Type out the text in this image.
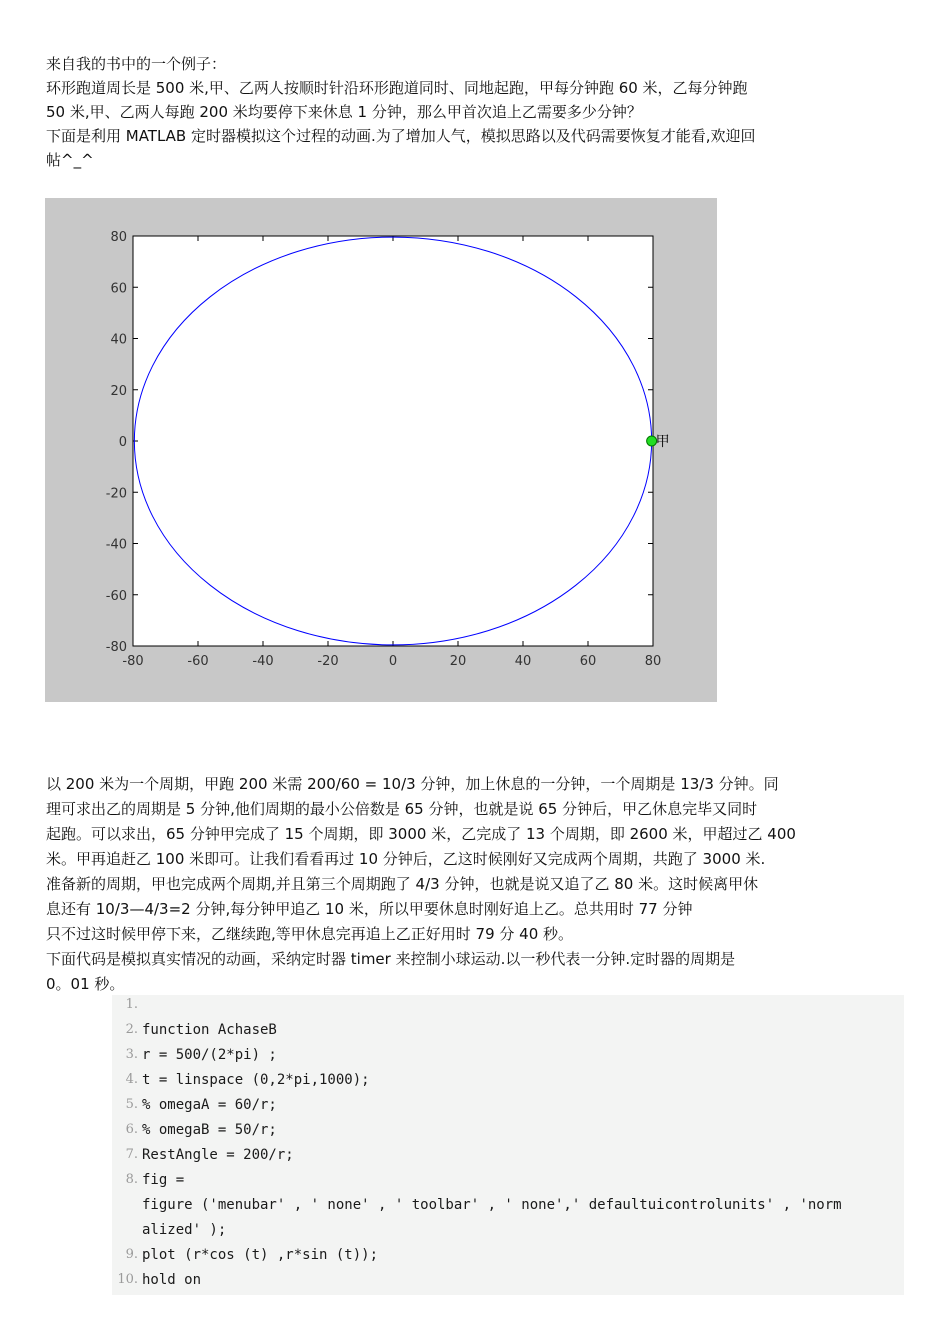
来自我的书中的一个例子：
环形跑道周长是 500 米,甲、乙两人按顺时针沿环形跑道同时、同地起跑，甲每分钟跑 60 米，乙每分钟跑
50 米,甲、乙两人每跑 200 米均要停下来休息 1 分钟，那么甲首次追上乙需要多少分钟？
下面是利用 MATLAB 定时器模拟这个过程的动画.为了增加人气，模拟思路以及代码需要恢复才能看,欢迎回
帖^_^
-80	-60	-40	-20	0	20	40	60	80
80
60
40
20
0
-20
-40
-60
-80
甲
以 200 米为一个周期，甲跑 200 米需 200/60 = 10/3 分钟，加上休息的一分钟，一个周期是 13/3 分钟。同
理可求出乙的周期是 5 分钟,他们周期的最小公倍数是 65 分钟，也就是说 65 分钟后，甲乙休息完毕又同时
起跑。可以求出，65 分钟甲完成了 15 个周期，即 3000 米，乙完成了 13 个周期，即 2600 米，甲超过乙 400
米。甲再追赶乙 100 米即可。让我们看看再过 10 分钟后，乙这时候刚好又完成两个周期，共跑了 3000 米.
准备新的周期，甲也完成两个周期,并且第三个周期跑了 4/3 分钟，也就是说又追了乙 80 米。这时候离甲休
息还有 10/3—4/3=2 分钟,每分钟甲追乙 10 米，所以甲要休息时刚好追上乙。总共用时 77 分钟
只不过这时候甲停下来，乙继续跑,等甲休息完再追上乙正好用时 79 分 40 秒。
下面代码是模拟真实情况的动画，采纳定时器 timer 来控制小球运动.以一秒代表一分钟.定时器的周期是
0。01 秒。
1.
2. function AchaseB
3. r = 500/(2*pi) ;
4. t = linspace (0,2*pi,1000);
5. % omegaA = 60/r;
6. % omegaB = 50/r;
7. RestAngle = 200/r;
8. fig =
figure ('menubar' , ' none' , ' toolbar' , ' none',' defaultuicontrolunits' , 'norm
alized' );
9. plot (r*cos (t) ,r*sin (t));
10. hold on
